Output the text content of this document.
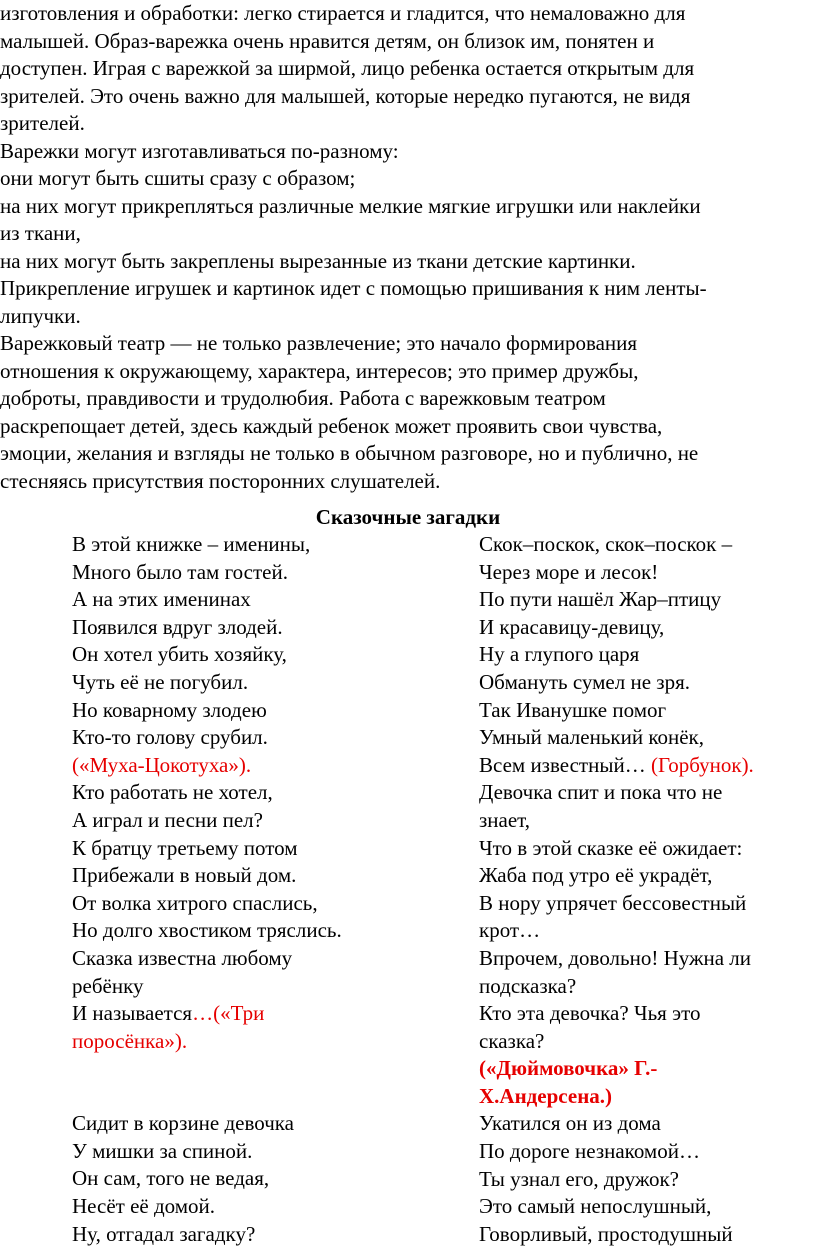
изготовления и обработки: легко стирается и гладится, что немаловажно для
малышей. Образ-варежка очень нравится детям, он близок им, понятен и
доступен. Играя с варежкой за ширмой, лицо ребенка остается открытым для
зрителей. Это очень важно для малышей, которые нередко пугаются, не видя
зрителей.
Варежки могут изготавливаться по-разному:
они могут быть сшиты сразу с образом;
на них могут прикрепляться различные мелкие мягкие игрушки или наклейки
из ткани,
на них могут быть закреплены вырезанные из ткани детские картинки.
Прикрепление игрушек и картинок идет с помощью пришивания к ним ленты-
липучки.
Варежковый театр — не только развлечение; это начало формирования
отношения к окружающему, характера, интересов; это пример дружбы,
доброты, правдивости и трудолюбия. Работа с варежковым театром
раскрепощает детей, здесь каждый ребенок может проявить свои чувства,
эмоции, желания и взгляды не только в обычном разговоре, но и публично, не
стесняясь присутствия посторонних слушателей.
Сказочные загадки
В этой книжке – именины,
Много было там гостей.
А на этих именинах
Появился вдруг злодей.
Он хотел убить хозяйку,
Чуть её не погубил.
Но коварному злодею
Кто-то голову срубил.
(«Муха-Цокотуха»).
Кто работать не хотел,
А играл и песни пел?
К братцу третьему потом
Прибежали в новый дом.
От волка хитрого спаслись,
Но долго хвостиком тряслись.
Сказка известна любому
ребёнку
И называется…(«Три
поросёнка»).
Сидит в корзине девочка
У мишки за спиной.
Он сам, того не ведая,
Несёт её домой.
Ну, отгадал загадку?
Скок–поскок, скок–поскок –
Через море и лесок!
По пути нашёл Жар–птицу
И красавицу-девицу,
Ну а глупого царя
Обмануть сумел не зря.
Так Иванушке помог
Умный маленький конёк,
Всем известный… (Горбунок).
Девочка спит и пока что не
знает,
Что в этой сказке её ожидает:
Жаба под утро её украдёт,
В нору упрячет бессовестный
крот…
Впрочем, довольно! Нужна ли
подсказка?
Кто эта девочка? Чья это
сказка?
(«Дюймовочка» Г.-
Х.Андерсена.)
Укатился он из дома
По дороге незнакомой…
Ты узнал его, дружок?
Это самый непослушный,
Говорливый, простодушный
